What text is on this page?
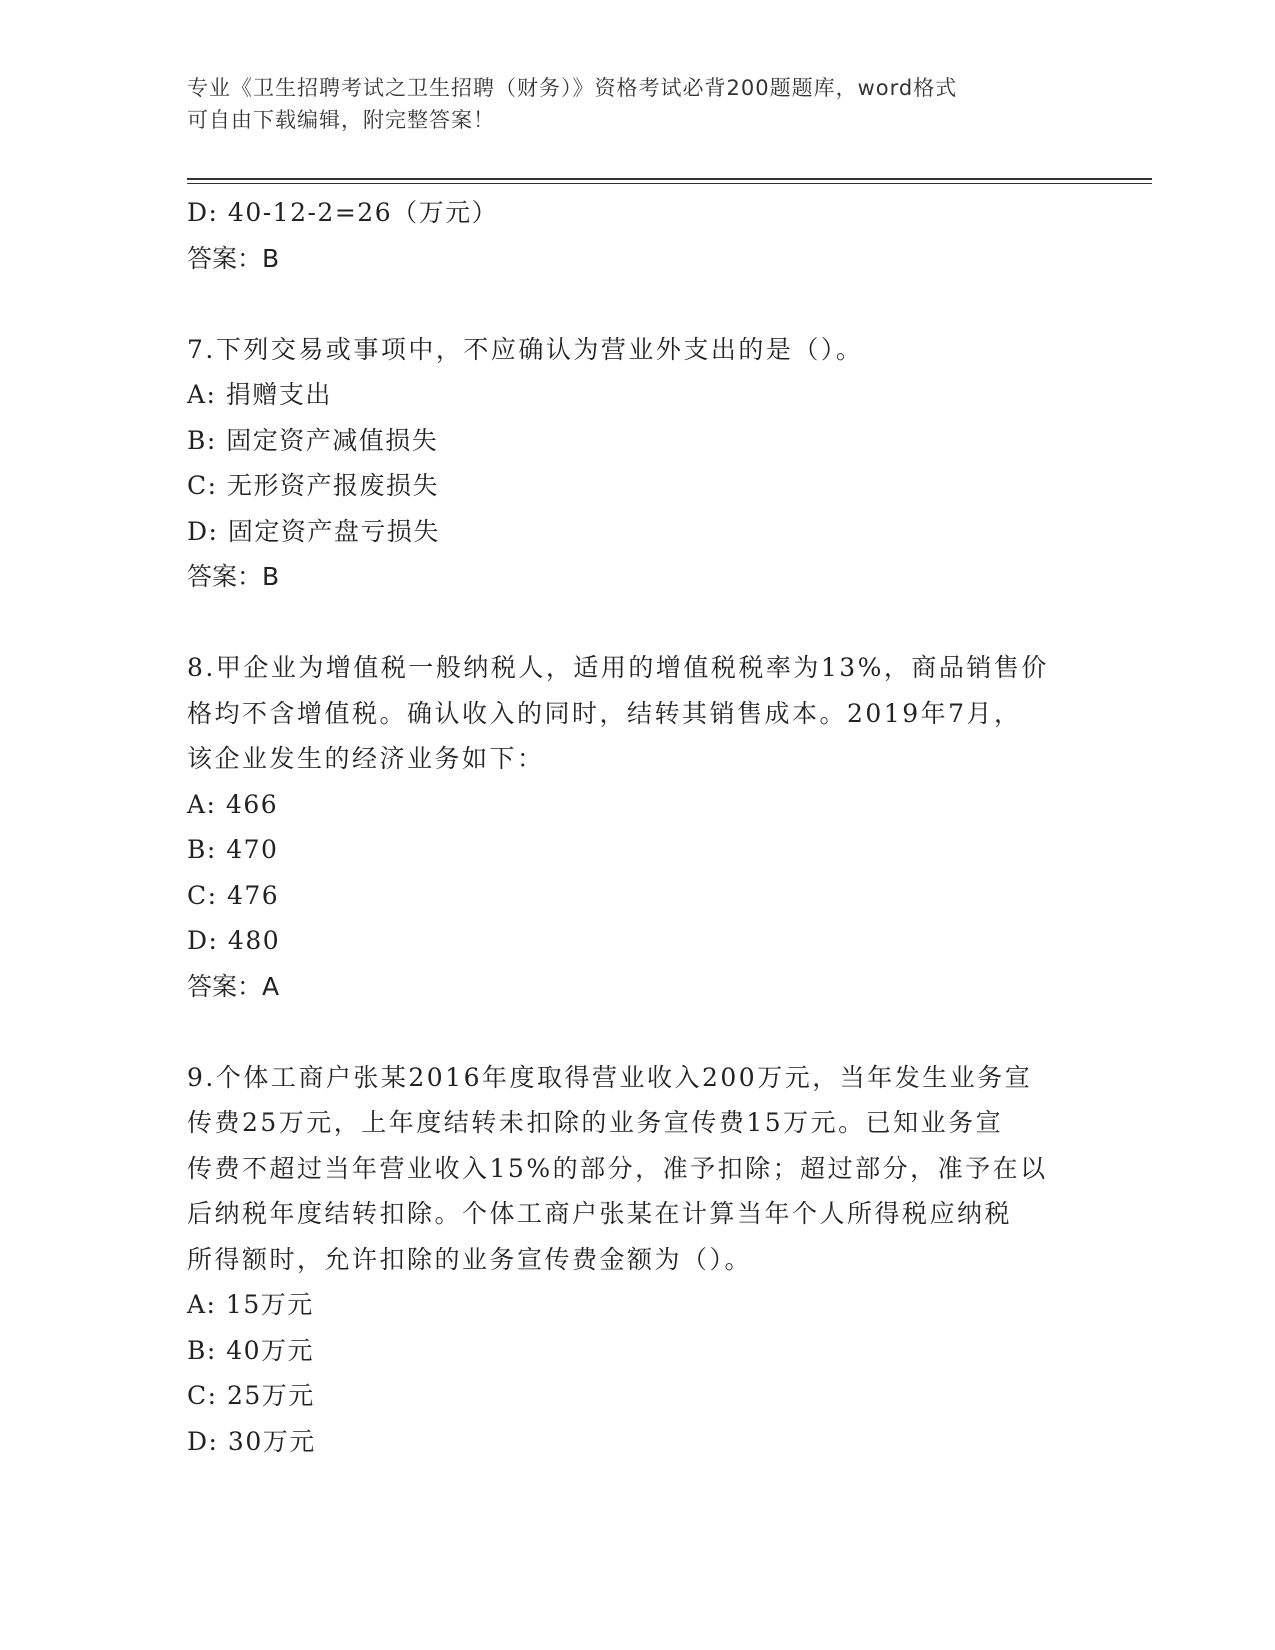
专业《卫生招聘考试之卫生招聘（财务）》资格考试必背200题题库，word格式
可自由下载编辑，附完整答案！
D: 40-12-2=26（万元）
答案：B
7.下列交易或事项中，不应确认为营业外支出的是（）。
A: 捐赠支出
B: 固定资产减值损失
C: 无形资产报废损失
D: 固定资产盘亏损失
答案：B
8.甲企业为增值税一般纳税人，适用的增值税税率为13%，商品销售价
格均不含增值税。确认收入的同时，结转其销售成本。2019年7月，
该企业发生的经济业务如下：
A: 466
B: 470
C: 476
D: 480
答案：A
9.个体工商户张某2016年度取得营业收入200万元，当年发生业务宣
传费25万元，上年度结转未扣除的业务宣传费15万元。已知业务宣
传费不超过当年营业收入15%的部分，准予扣除；超过部分，准予在以
后纳税年度结转扣除。个体工商户张某在计算当年个人所得税应纳税
所得额时，允许扣除的业务宣传费金额为（）。
A: 15万元
B: 40万元
C: 25万元
D: 30万元
